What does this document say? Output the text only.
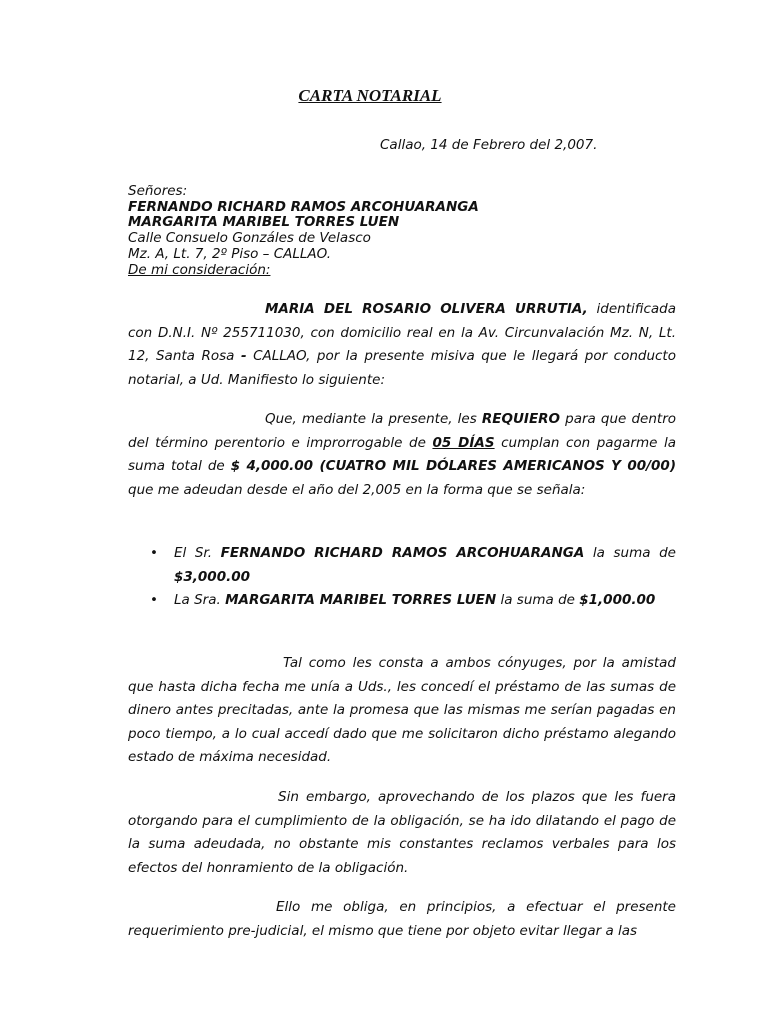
CARTA NOTARIAL
Callao, 14 de Febrero del 2,007.
Señores:
FERNANDO RICHARD RAMOS ARCOHUARANGA
MARGARITA MARIBEL TORRES LUEN
Calle Consuelo Gonzáles de Velasco
Mz. A, Lt. 7, 2º Piso – CALLAO.
De mi consideración:
MARIA DEL ROSARIO OLIVERA URRUTIA, identificada con D.N.I. Nº 255711030, con domicilio real en la Av. Circunvalación Mz. N, Lt. 12, Santa Rosa - CALLAO, por la presente misiva que le llegará por conducto notarial, a Ud. Manifiesto lo siguiente:
Que, mediante la presente, les REQUIERO para que dentro del término perentorio e improrrogable de 05 DÍAS cumplan con pagarme la suma total de $ 4,000.00 (CUATRO MIL DÓLARES AMERICANOS Y 00/00) que me adeudan desde el año del 2,005 en la forma que se señala:
• El Sr. FERNANDO RICHARD RAMOS ARCOHUARANGA la suma de $3,000.00
• La Sra. MARGARITA MARIBEL TORRES LUEN la suma de $1,000.00
Tal como les consta a ambos cónyuges, por la amistad que hasta dicha fecha me unía a Uds., les concedí el préstamo de las sumas de dinero antes precitadas, ante la promesa que las mismas me serían pagadas en poco tiempo, a lo cual accedí dado que me solicitaron dicho préstamo alegando estado de máxima necesidad.
Sin embargo, aprovechando de los plazos que les fuera otorgando para el cumplimiento de la obligación, se ha ido dilatando el pago de la suma adeudada, no obstante mis constantes reclamos verbales para los efectos del honramiento de la obligación.
Ello me obliga, en principios, a efectuar el presente requerimiento pre-judicial, el mismo que tiene por objeto evitar llegar a las
